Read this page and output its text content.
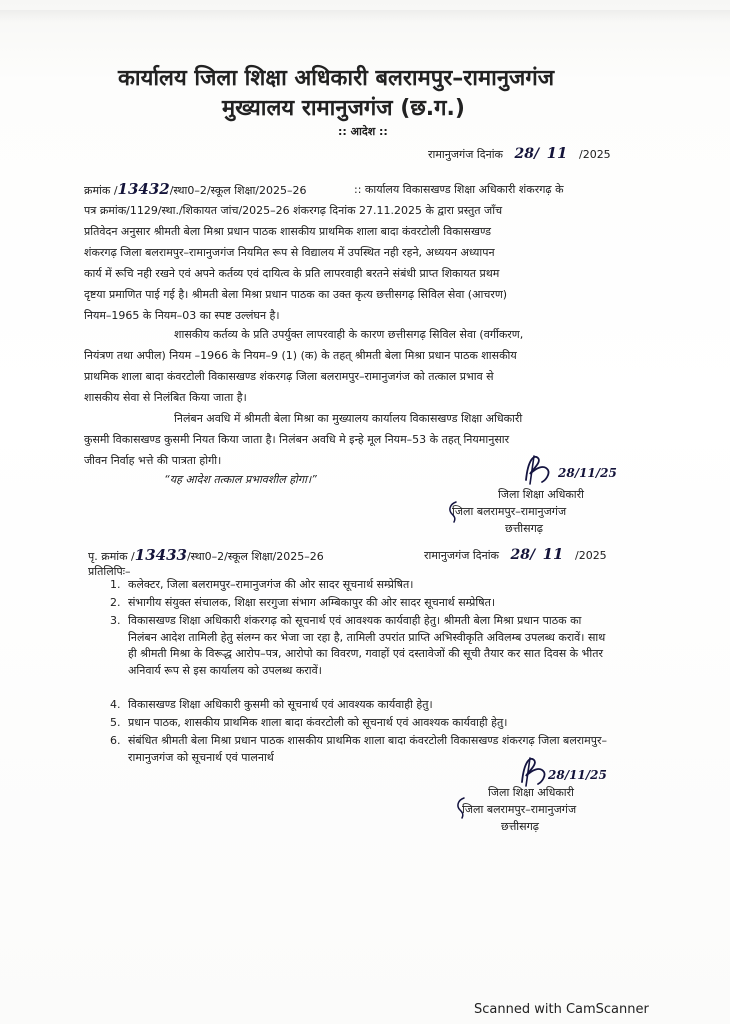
कार्यालय जिला शिक्षा अधिकारी बलरामपुर–रामानुजगंज
मुख्यालय रामानुजगंज (छ.ग.)
:: आदेश ::
रामानुजगंज दिनांक 28/ 11 /2025
क्रमांक /13432/स्था0–2/स्कूल शिक्षा/2025–26	:: कार्यालय विकासखण्ड शिक्षा अधिकारी शंकरगढ़ के
पत्र क्रमांक/1129/स्था./शिकायत जांच/2025–26 शंकरगढ़ दिनांक 27.11.2025 के द्वारा प्रस्तुत जाँच
प्रतिवेदन अनुसार श्रीमती बेला मिश्रा प्रधान पाठक शासकीय प्राथमिक शाला बादा कंवरटोली विकासखण्ड
शंकरगढ़ जिला बलरामपुर–रामानुजगंज नियमित रूप से विद्यालय में उपस्थित नही रहने, अध्ययन अध्यापन
कार्य में रूचि नही रखने एवं अपने कर्तव्य एवं दायित्व के प्रति लापरवाही बरतने संबंधी प्राप्त शिकायत प्रथम
दृष्टया प्रमाणित पाई गई है। श्रीमती बेला मिश्रा प्रधान पाठक का उक्त कृत्य छत्तीसगढ़ सिविल सेवा (आचरण)
नियम–1965 के नियम–03 का स्पष्ट उल्लंघन है।
शासकीय कर्तव्य के प्रति उपर्युक्त लापरवाही के कारण छत्तीसगढ़ सिविल सेवा (वर्गीकरण,
नियंत्रण तथा अपील) नियम –1966 के नियम–9 (1) (क) के तहत् श्रीमती बेला मिश्रा प्रधान पाठक शासकीय
प्राथमिक शाला बादा कंवरटोली विकासखण्ड शंकरगढ़ जिला बलरामपुर–रामानुजगंज को तत्काल प्रभाव से
शासकीय सेवा से निलंबित किया जाता है।
निलंबन अवधि में श्रीमती बेला मिश्रा का मुख्यालय कार्यालय विकासखण्ड शिक्षा अधिकारी
कुसमी विकासखण्ड कुसमी नियत किया जाता है। निलंबन अवधि मे इन्हे मूल नियम–53 के तहत् नियमानुसार
जीवन निर्वाह भत्ते की पात्रता होगी।
“यह आदेश तत्काल प्रभावशील होगा।”	28/11/25
जिला शिक्षा अधिकारी
जिला बलरामपुर–रामानुजगंज
छत्तीसगढ़
पृ. क्रमांक /13433/स्था0–2/स्कूल शिक्षा/2025–26	रामानुजगंज दिनांक 28/ 11 /2025
प्रतिलिपिः–
1. कलेक्टर, जिला बलरामपुर–रामानुजगंज की ओर सादर सूचनार्थ सम्प्रेषित।
2. संभागीय संयुक्त संचालक, शिक्षा सरगुजा संभाग अम्बिकापुर की ओर सादर सूचनार्थ सम्प्रेषित।
3. विकासखण्ड शिक्षा अधिकारी शंकरगढ़ को सूचनार्थ एवं आवश्यक कार्यवाही हेतु। श्रीमती बेला मिश्रा प्रधान पाठक का निलंबन आदेश तामिली हेतु संलग्न कर भेजा जा रहा है, तामिली उपरांत प्राप्ति अभिस्वीकृति अविलम्ब उपलब्ध करावें। साथ ही श्रीमती मिश्रा के विरूद्ध आरोप–पत्र, आरोपो का विवरण, गवाहों एवं दस्तावेजों की सूची तैयार कर सात दिवस के भीतर अनिवार्य रूप से इस कार्यालय को उपलब्ध करावें।
4. विकासखण्ड शिक्षा अधिकारी कुसमी को सूचनार्थ एवं आवश्यक कार्यवाही हेतु।
5. प्रधान पाठक, शासकीय प्राथमिक शाला बादा कंवरटोली को सूचनार्थ एवं आवश्यक कार्यवाही हेतु।
6. संबंधित श्रीमती बेला मिश्रा प्रधान पाठक शासकीय प्राथमिक शाला बादा कंवरटोली विकासखण्ड शंकरगढ़ जिला बलरामपुर–रामानुजगंज को सूचनार्थ एवं पालनार्थ
28/11/25
जिला शिक्षा अधिकारी
जिला बलरामपुर–रामानुजगंज
छत्तीसगढ़
Scanned with CamScanner
